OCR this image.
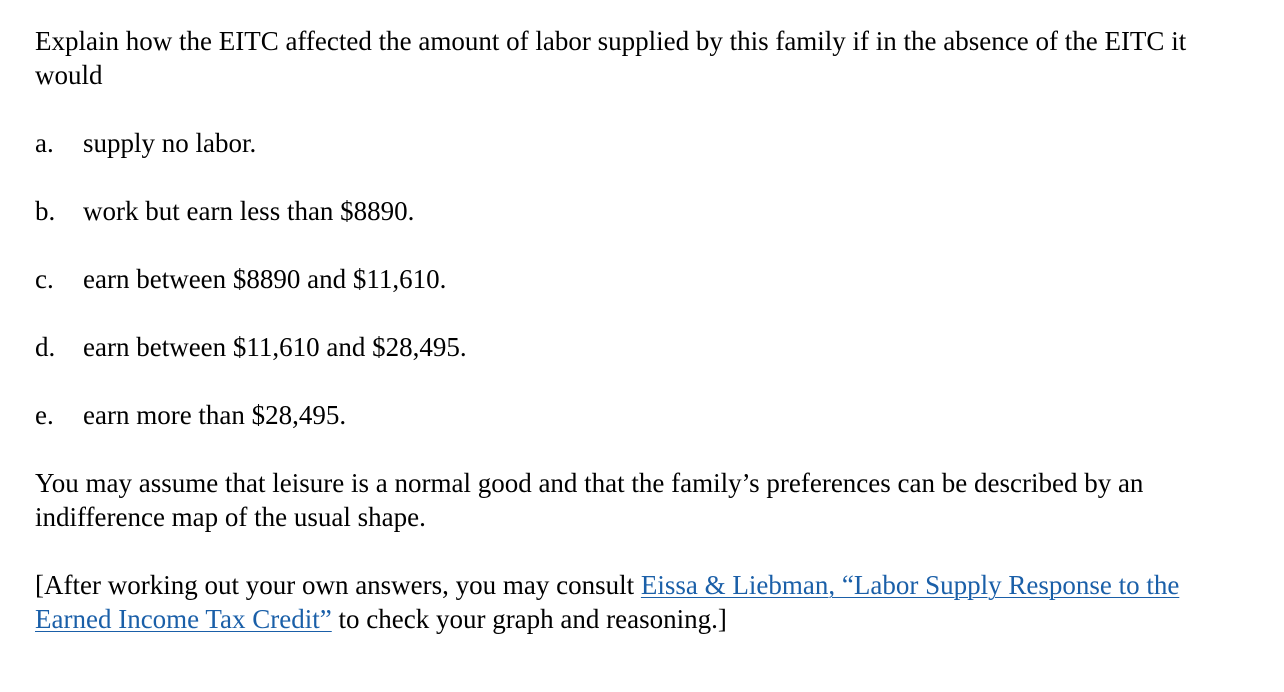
Explain how the EITC affected the amount of labor supplied by this family if in the absence of the EITC it would

a.	supply no labor.
b.	work but earn less than $8890.
c.	earn between $8890 and $11,610.
d.	earn between $11,610 and $28,495.
e.	earn more than $28,495.

You may assume that leisure is a normal good and that the family’s preferences can be described by an indifference map of the usual shape.

[After working out your own answers, you may consult Eissa & Liebman, “Labor Supply Response to the Earned Income Tax Credit” to check your graph and reasoning.]
